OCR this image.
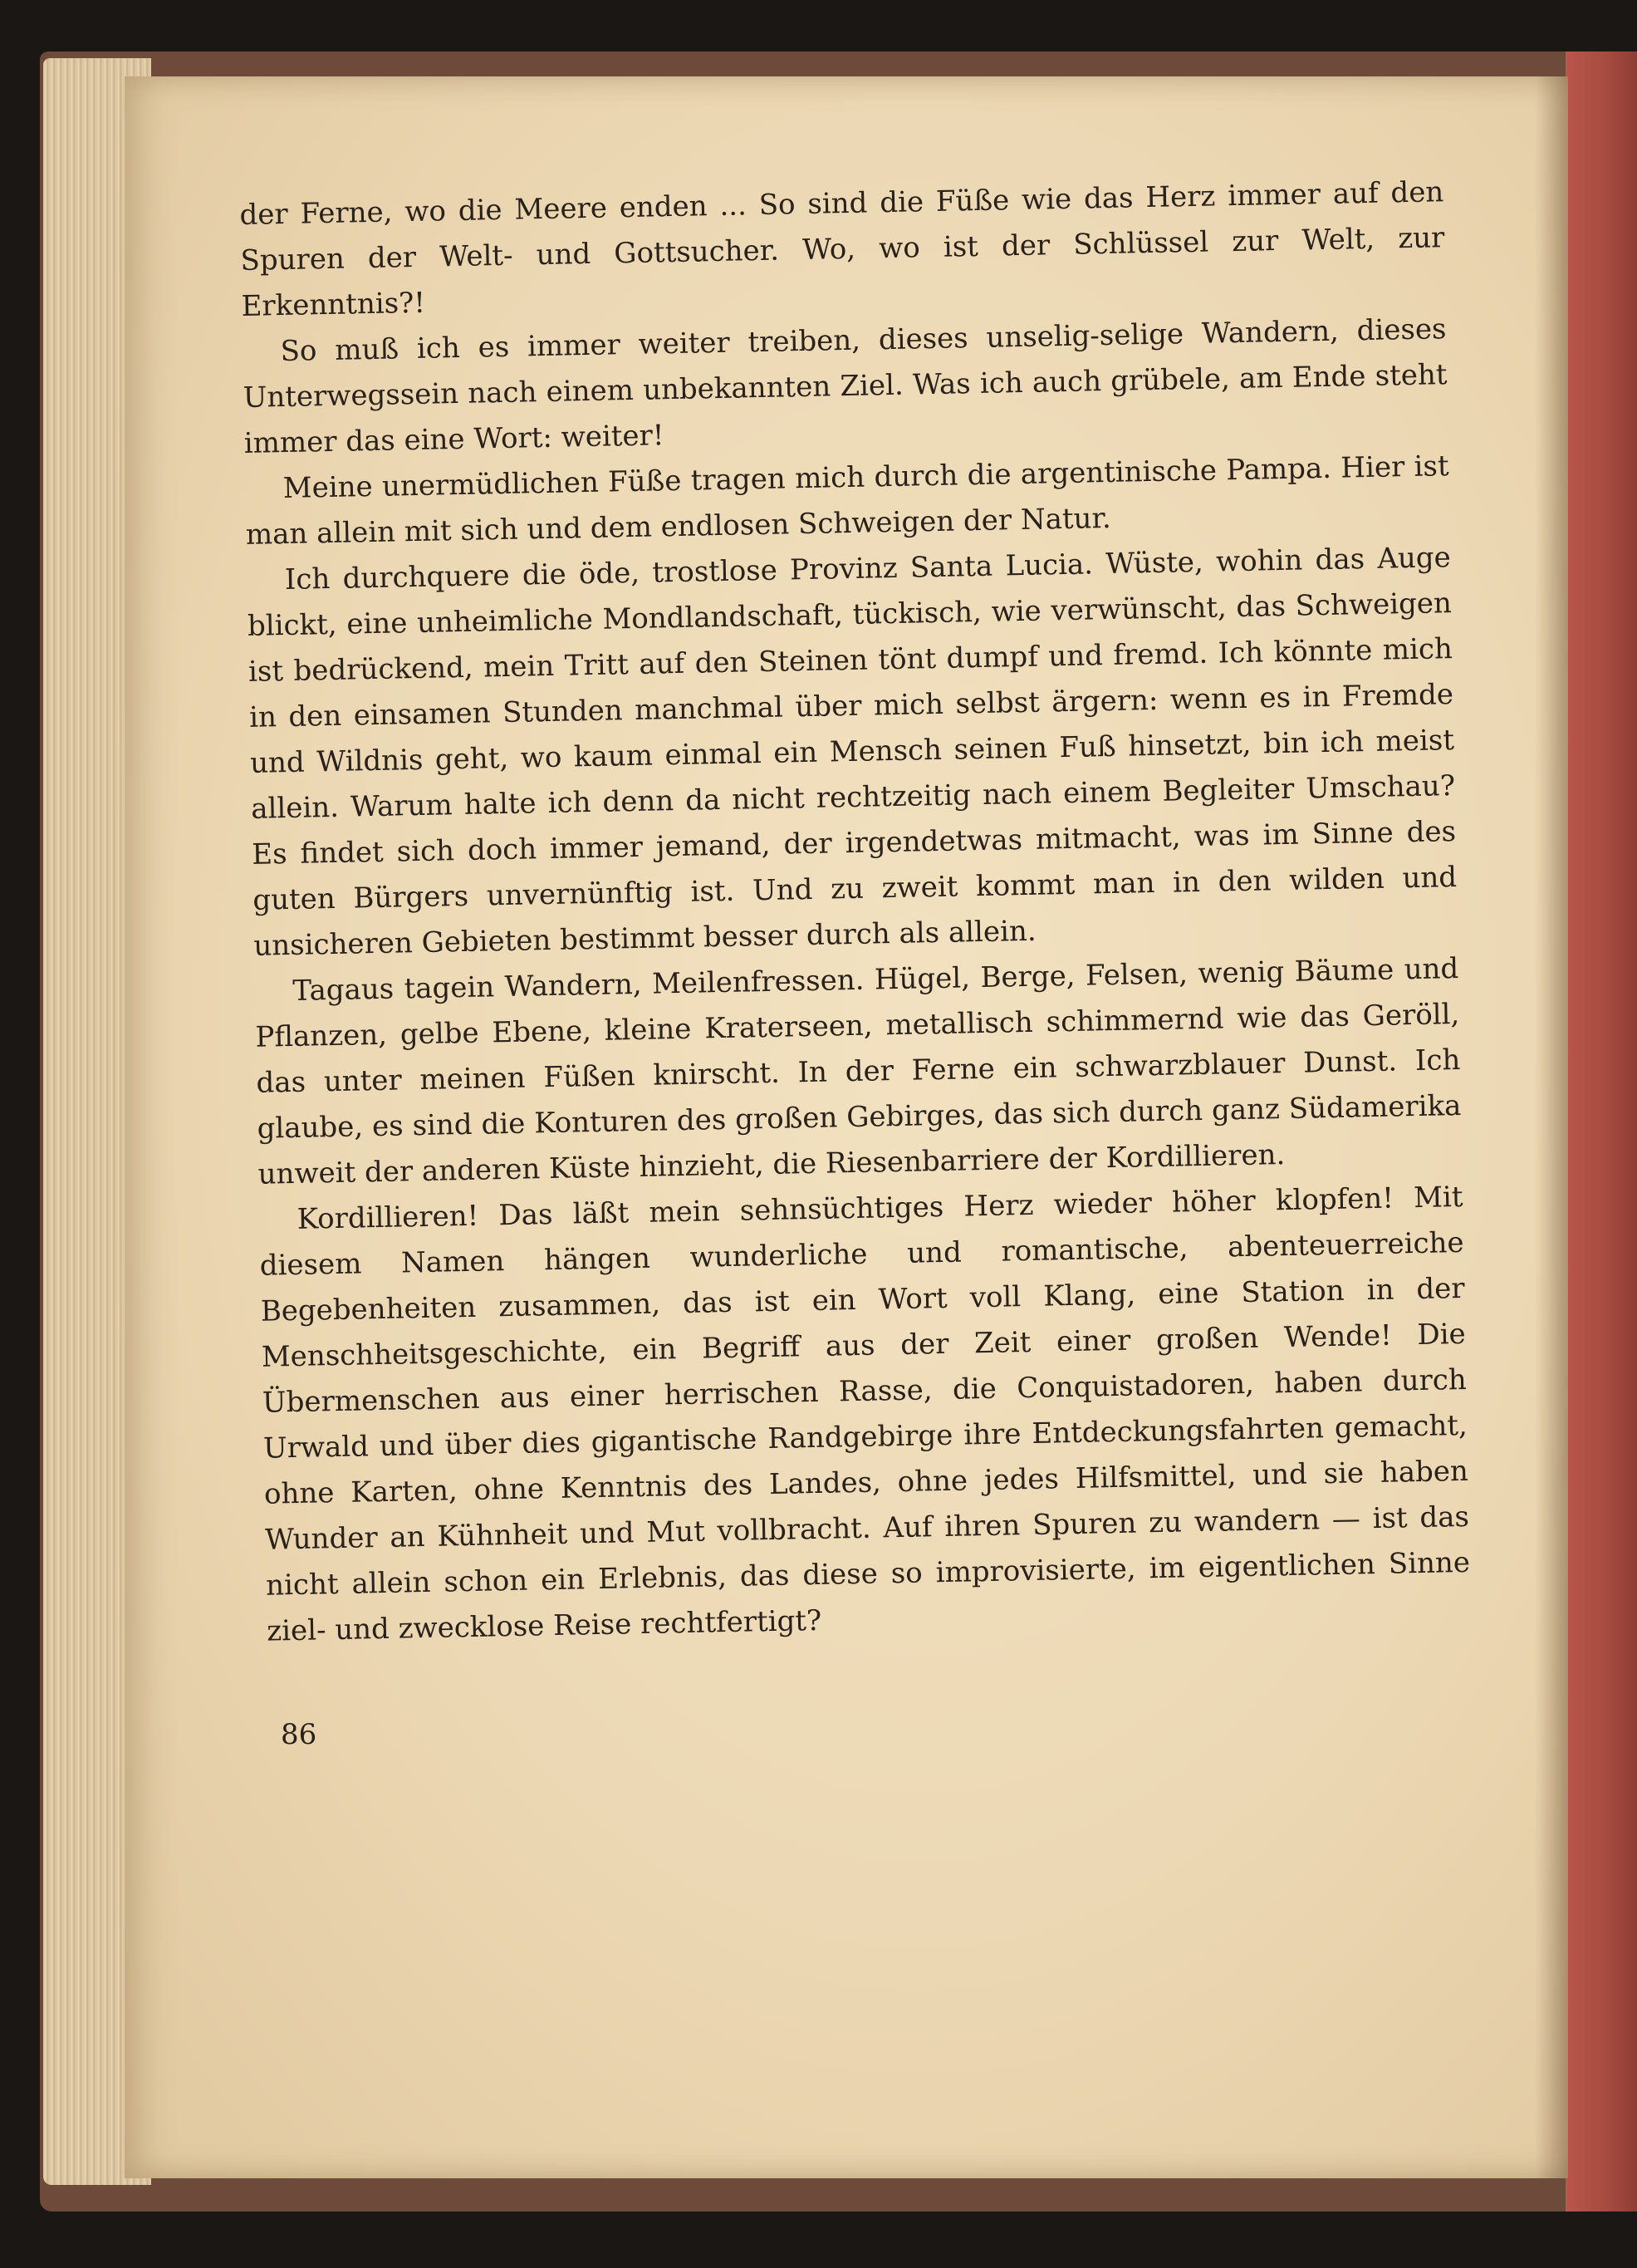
der Ferne, wo die Meere enden ... So sind die Füße wie das Herz immer auf den Spuren der Welt- und Gottsucher. Wo, wo ist der Schlüssel zur Welt, zur Erkenntnis?!

So muß ich es immer weiter treiben, dieses unselig-selige Wandern, dieses Unterwegssein nach einem unbekannten Ziel. Was ich auch grübele, am Ende steht immer das eine Wort: weiter!

Meine unermüdlichen Füße tragen mich durch die argentinische Pampa. Hier ist man allein mit sich und dem endlosen Schweigen der Natur.

Ich durchquere die öde, trostlose Provinz Santa Lucia. Wüste, wohin das Auge blickt, eine unheimliche Mondlandschaft, tückisch, wie verwünscht, das Schweigen ist bedrückend, mein Tritt auf den Steinen tönt dumpf und fremd. Ich könnte mich in den einsamen Stunden manchmal über mich selbst ärgern: wenn es in Fremde und Wildnis geht, wo kaum einmal ein Mensch seinen Fuß hinsetzt, bin ich meist allein. Warum halte ich denn da nicht rechtzeitig nach einem Begleiter Umschau? Es findet sich doch immer jemand, der irgendetwas mitmacht, was im Sinne des guten Bürgers unvernünftig ist. Und zu zweit kommt man in den wilden und unsicheren Gebieten bestimmt besser durch als allein.

Tagaus tagein Wandern, Meilenfressen. Hügel, Berge, Felsen, wenig Bäume und Pflanzen, gelbe Ebene, kleine Kraterseen, metallisch schimmernd wie das Geröll, das unter meinen Füßen knirscht. In der Ferne ein schwarzblauer Dunst. Ich glaube, es sind die Konturen des großen Gebirges, das sich durch ganz Südamerika unweit der anderen Küste hinzieht, die Riesenbarriere der Kordillieren.

Kordillieren! Das läßt mein sehnsüchtiges Herz wieder höher klopfen! Mit diesem Namen hängen wunderliche und romantische, abenteuerreiche Begebenheiten zusammen, das ist ein Wort voll Klang, eine Station in der Menschheitsgeschichte, ein Begriff aus der Zeit einer großen Wende! Die Übermenschen aus einer herrischen Rasse, die Conquistadoren, haben durch Urwald und über dies gigantische Randgebirge ihre Entdeckungsfahrten gemacht, ohne Karten, ohne Kenntnis des Landes, ohne jedes Hilfsmittel, und sie haben Wunder an Kühnheit und Mut vollbracht. Auf ihren Spuren zu wandern — ist das nicht allein schon ein Erlebnis, das diese so improvisierte, im eigentlichen Sinne ziel- und zwecklose Reise rechtfertigt?

86
